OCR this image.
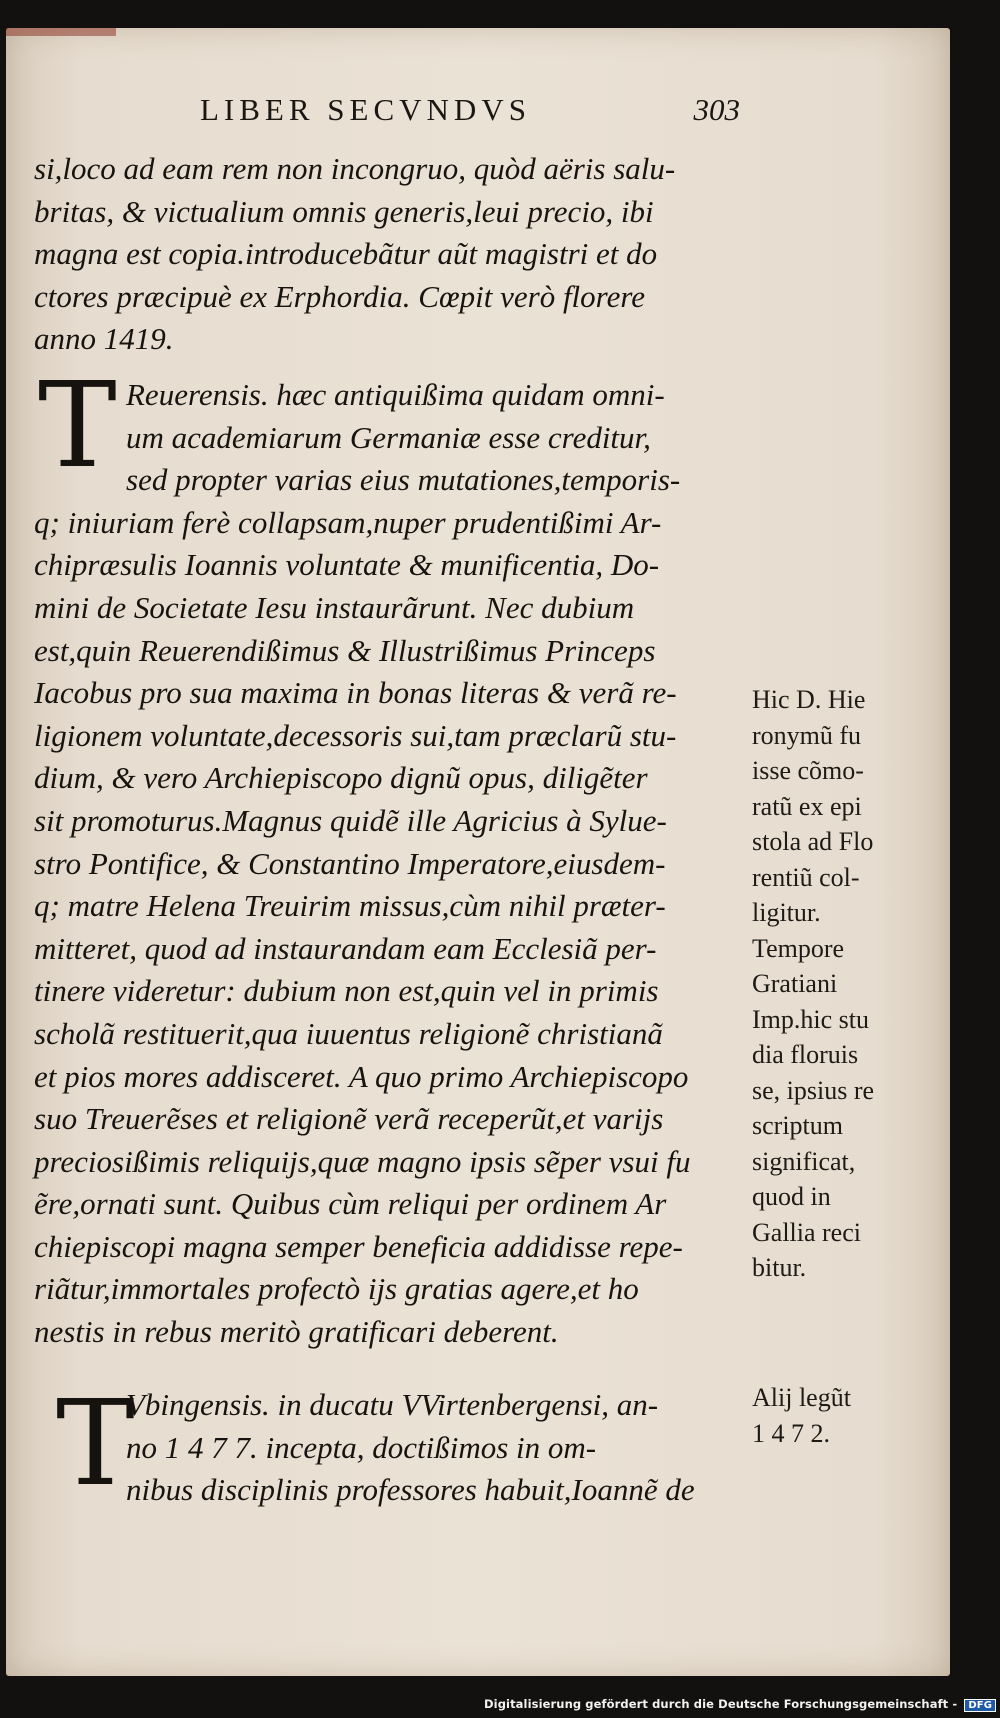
LIBER SECVNDVS	303
si,loco ad eam rem non incongruo, quòd aëris salu-
britas, & victualium omnis generis,leui precio, ibi
magna est copia.introducebãtur aũt magistri et do
ctores præcipuè ex Erphordia. Cœpit verò florere
anno 1419.
T Reuerensis. hæc antiquißima quidam omni-
um academiarum Germaniæ esse creditur,
sed propter varias eius mutationes,temporis-
q; iniuriam ferè collapsam,nuper prudentißimi Ar-
chipræsulis Ioannis voluntate & munificentia, Do-
mini de Societate Iesu instaurãrunt. Nec dubium
est,quin Reuerendißimus & Illustrißimus Princeps
Iacobus pro sua maxima in bonas literas & verã re-
ligionem voluntate,decessoris sui,tam præclarũ stu-
dium, & vero Archiepiscopo dignũ opus, diligẽter
sit promoturus.Magnus quidẽ ille Agricius à Sylue-
stro Pontifice, & Constantino Imperatore,eiusdem-
q; matre Helena Treuirim missus,cùm nihil præter-
mitteret, quod ad instaurandam eam Ecclesiã per-
tinere videretur: dubium non est,quin vel in primis
scholã restituerit,qua iuuentus religionẽ christianã
et pios mores addisceret. A quo primo Archiepiscopo
suo Treuerẽses et religionẽ verã receperũt,et varijs
preciosißimis reliquijs,quæ magno ipsis sẽper vsui fu
ẽre,ornati sunt. Quibus cùm reliqui per ordinem Ar
chiepiscopi magna semper beneficia addidisse repe-
riãtur,immortales profectò ijs gratias agere,et ho
nestis in rebus meritò gratificari deberent.
T
Vbingensis. in ducatu VVirtenbergensi, an-
no 1 4 7 7. incepta, doctißimos in om-
nibus disciplinis professores habuit,Ioannẽ de
Hic D. Hie
ronymũ fu
isse cõmo-
ratũ ex epi
stola ad Flo
rentiũ col-
ligitur.
Tempore
Gratiani
Imp.hic stu
dia floruis
se, ipsius re
scriptum
significat,
quod in
Gallia reci
bitur.
Alij legũt
1 4 7 2.
Digitalisierung gefördert durch die Deutsche Forschungsgemeinschaft - DFG
